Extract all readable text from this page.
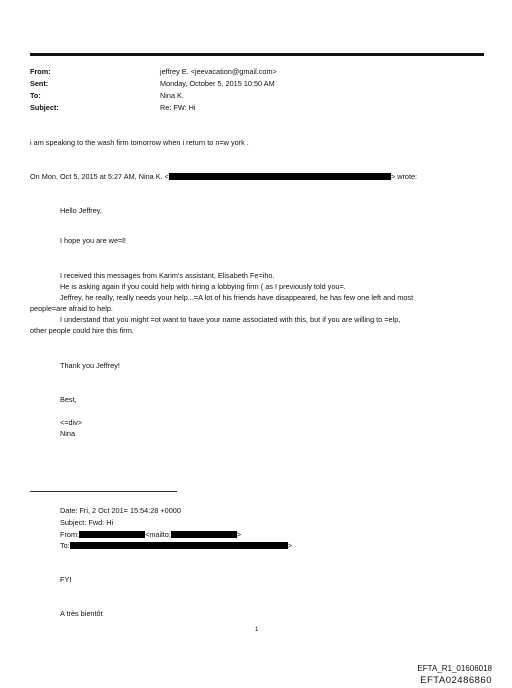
From:	jeffrey E. <jeevacation@gmail.com>
Sent:	Monday, October 5, 2015 10:50 AM
To:	Nina K.
Subject:	Re: FW: Hi
i am speaking to the wash firm tomorrow when i return to n=w york .
On Mon, Oct 5, 2015 at 5:27 AM, Nina K. <	> wrote:
Hello Jeffrey,
I hope you are we=l!
I received this messages from Karim's assistant, Elisabeth Fe=iho.
He is asking again if you could help with hiring a lobbying firm ( as I previously told you=.
Jeffrey, he really, really needs your help...=A lot of his friends have disappeared, he has few one left and most
people=are afraid to help.
I understand that you might =ot want to have your name associated with this, but if you are willing to =elp,
other people could hire this firm.
Thank you Jeffrey!
Best,
<=div>
Nina
Date: Fri, 2 Oct 201= 15:54:28 +0000
Subject: Fwd: Hi
From:	<mailto:	>
To:	>
FYI
A très bientôt
1
EFTA_R1_01606018
EFTA02486860
